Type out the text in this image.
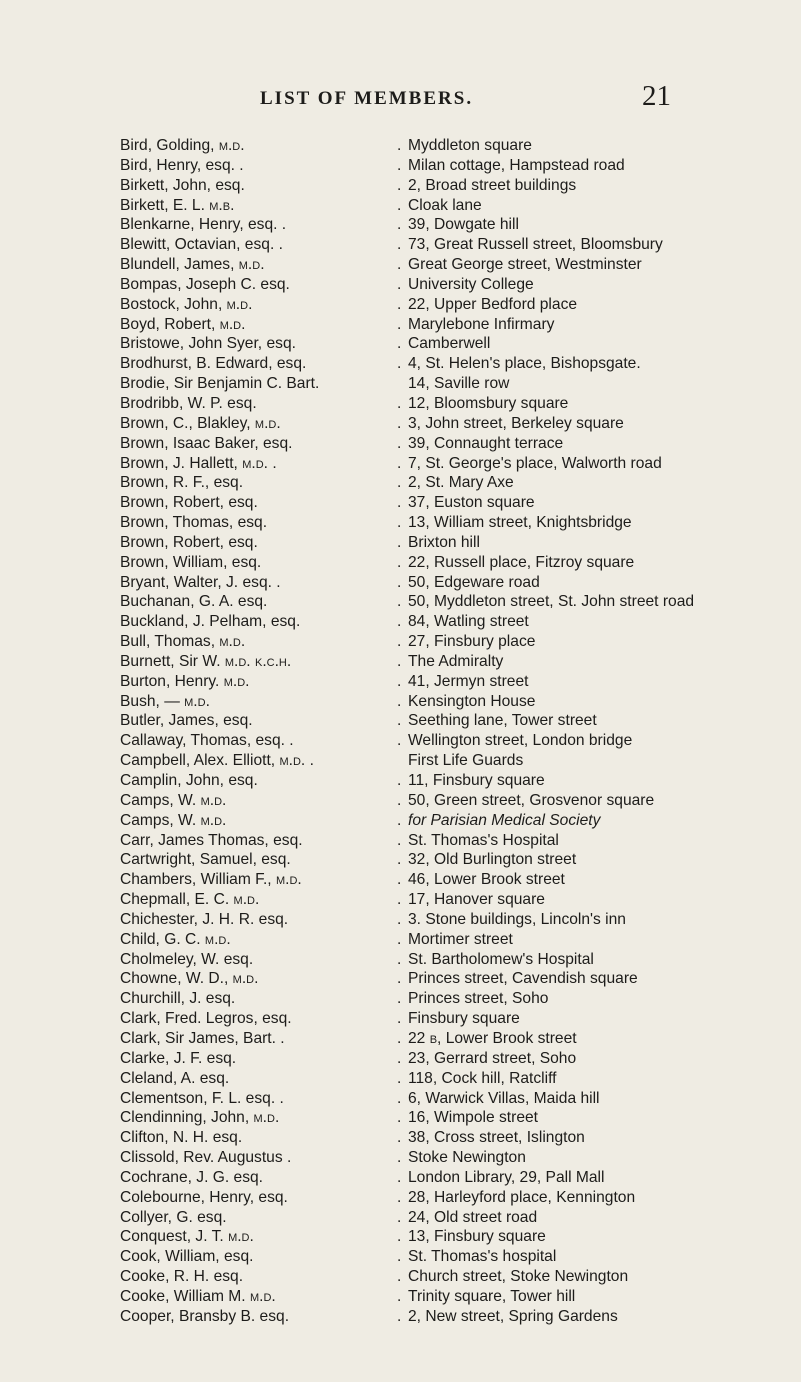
LIST OF MEMBERS.	21
Bird, Golding, m.d.	. Myddleton square
Bird, Henry, esq. .	. Milan cottage, Hampstead road
Birkett, John, esq.	. 2, Broad street buildings
Birkett, E. L. m.b.	. Cloak lane
Blenkarne, Henry, esq. .	. 39, Dowgate hill
Blewitt, Octavian, esq. .	. 73, Great Russell street, Bloomsbury
Blundell, James, m.d.	. Great George street, Westminster
Bompas, Joseph C. esq.	. University College
Bostock, John, m.d.	. 22, Upper Bedford place
Boyd, Robert, m.d.	. Marylebone Infirmary
Bristowe, John Syer, esq.	. Camberwell
Brodhurst, B. Edward, esq.	. 4, St. Helen's place, Bishopsgate.
Brodie, Sir Benjamin C. Bart.	14, Saville row
Brodribb, W. P. esq.	. 12, Bloomsbury square
Brown, C., Blakley, m.d.	. 3, John street, Berkeley square
Brown, Isaac Baker, esq.	. 39, Connaught terrace
Brown, J. Hallett, m.d. .	. 7, St. George's place, Walworth road
Brown, R. F., esq.	. 2, St. Mary Axe
Brown, Robert, esq.	. 37, Euston square
Brown, Thomas, esq.	. 13, William street, Knightsbridge
Brown, Robert, esq.	. Brixton hill
Brown, William, esq.	. 22, Russell place, Fitzroy square
Bryant, Walter, J. esq. .	. 50, Edgeware road
Buchanan, G. A. esq.	. 50, Myddleton street, St. John street road
Buckland, J. Pelham, esq.	. 84, Watling street
Bull, Thomas, m.d.	. 27, Finsbury place
Burnett, Sir W. m.d. k.c.h.	. The Admiralty
Burton, Henry. m.d.	. 41, Jermyn street
Bush, — m.d.	. Kensington House
Butler, James, esq.	. Seething lane, Tower street
Callaway, Thomas, esq. .	. Wellington street, London bridge
Campbell, Alex. Elliott, m.d. .	First Life Guards
Camplin, John, esq.	. 11, Finsbury square
Camps, W. m.d.	. 50, Green street, Grosvenor square
Camps, W. m.d.	. for Parisian Medical Society
Carr, James Thomas, esq.	. St. Thomas's Hospital
Cartwright, Samuel, esq.	. 32, Old Burlington street
Chambers, William F., m.d.	. 46, Lower Brook street
Chepmall, E. C. m.d.	. 17, Hanover square
Chichester, J. H. R. esq.	. 3. Stone buildings, Lincoln's inn
Child, G. C. m.d.	. Mortimer street
Cholmeley, W. esq.	. St. Bartholomew's Hospital
Chowne, W. D., m.d.	. Princes street, Cavendish square
Churchill, J. esq.	. Princes street, Soho
Clark, Fred. Legros, esq.	. Finsbury square
Clark, Sir James, Bart. .	. 22 b, Lower Brook street
Clarke, J. F. esq.	. 23, Gerrard street, Soho
Cleland, A. esq.	. 118, Cock hill, Ratcliff
Clementson, F. L. esq. .	. 6, Warwick Villas, Maida hill
Clendinning, John, m.d.	. 16, Wimpole street
Clifton, N. H. esq.	. 38, Cross street, Islington
Clissold, Rev. Augustus .	. Stoke Newington
Cochrane, J. G. esq.	. London Library, 29, Pall Mall
Colebourne, Henry, esq.	. 28, Harleyford place, Kennington
Collyer, G. esq.	. 24, Old street road
Conquest, J. T. m.d.	. 13, Finsbury square
Cook, William, esq.	. St. Thomas's hospital
Cooke, R. H. esq.	. Church street, Stoke Newington
Cooke, William M. m.d.	. Trinity square, Tower hill
Cooper, Bransby B. esq.	. 2, New street, Spring Gardens
